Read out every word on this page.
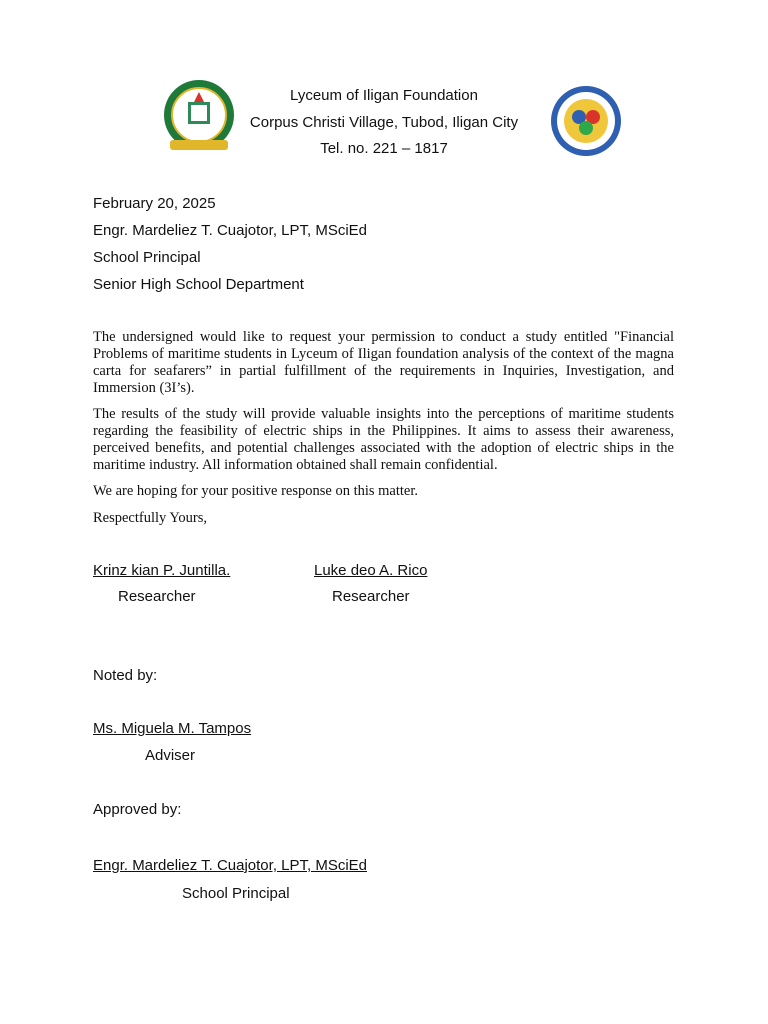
Lyceum of Iligan Foundation
Corpus Christi Village, Tubod, Iligan City
Tel. no. 221 – 1817
February 20, 2025
Engr. Mardeliez T. Cuajotor, LPT, MSciEd
School Principal
Senior High School Department
The undersigned would like to request your permission to conduct a study entitled "Financial Problems of maritime students in Lyceum of Iligan foundation analysis of the context of the magna carta for seafarers” in partial fulfillment of the requirements in Inquiries, Investigation, and Immersion (3I’s).
The results of the study will provide valuable insights into the perceptions of maritime students regarding the feasibility of electric ships in the Philippines. It aims to assess their awareness, perceived benefits, and potential challenges associated with the adoption of electric ships in the maritime industry. All information obtained shall remain confidential.
We are hoping for your positive response on this matter.
Respectfully Yours,
Krinz kian P. Juntilla.
Researcher
Luke deo A. Rico
Researcher
Noted by:
Ms. Miguela M. Tampos
Adviser
Approved by:
Engr. Mardeliez T. Cuajotor, LPT, MSciEd
School Principal
